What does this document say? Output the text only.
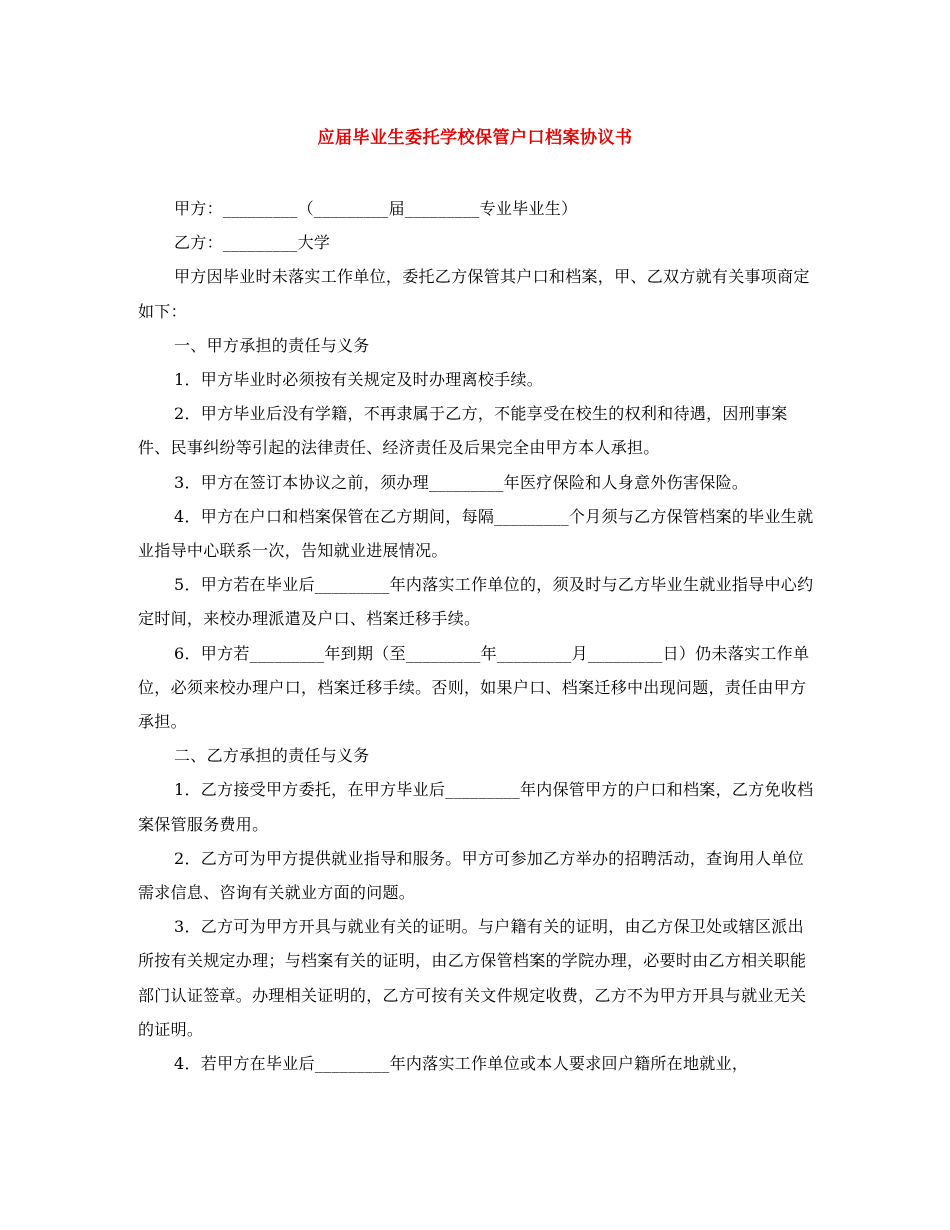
应届毕业生委托学校保管户口档案协议书

甲方：_________（_________届_________专业毕业生）

乙方：_________大学

甲方因毕业时未落实工作单位，委托乙方保管其户口和档案，甲、乙双方就有关事项商定如下：

一、甲方承担的责任与义务

1．甲方毕业时必须按有关规定及时办理离校手续。

2．甲方毕业后没有学籍，不再隶属于乙方，不能享受在校生的权利和待遇，因刑事案件、民事纠纷等引起的法律责任、经济责任及后果完全由甲方本人承担。

3．甲方在签订本协议之前，须办理_________年医疗保险和人身意外伤害保险。

4．甲方在户口和档案保管在乙方期间，每隔_________个月须与乙方保管档案的毕业生就业指导中心联系一次，告知就业进展情况。

5．甲方若在毕业后_________年内落实工作单位的，须及时与乙方毕业生就业指导中心约定时间，来校办理派遣及户口、档案迁移手续。

6．甲方若_________年到期（至_________年_________月_________日）仍未落实工作单位，必须来校办理户口，档案迁移手续。否则，如果户口、档案迁移中出现问题，责任由甲方承担。

二、乙方承担的责任与义务

1．乙方接受甲方委托，在甲方毕业后_________年内保管甲方的户口和档案，乙方免收档案保管服务费用。

2．乙方可为甲方提供就业指导和服务。甲方可参加乙方举办的招聘活动，查询用人单位需求信息、咨询有关就业方面的问题。

3．乙方可为甲方开具与就业有关的证明。与户籍有关的证明，由乙方保卫处或辖区派出所按有关规定办理；与档案有关的证明，由乙方保管档案的学院办理，必要时由乙方相关职能部门认证签章。办理相关证明的，乙方可按有关文件规定收费，乙方不为甲方开具与就业无关的证明。

4．若甲方在毕业后_________年内落实工作单位或本人要求回户籍所在地就业，
